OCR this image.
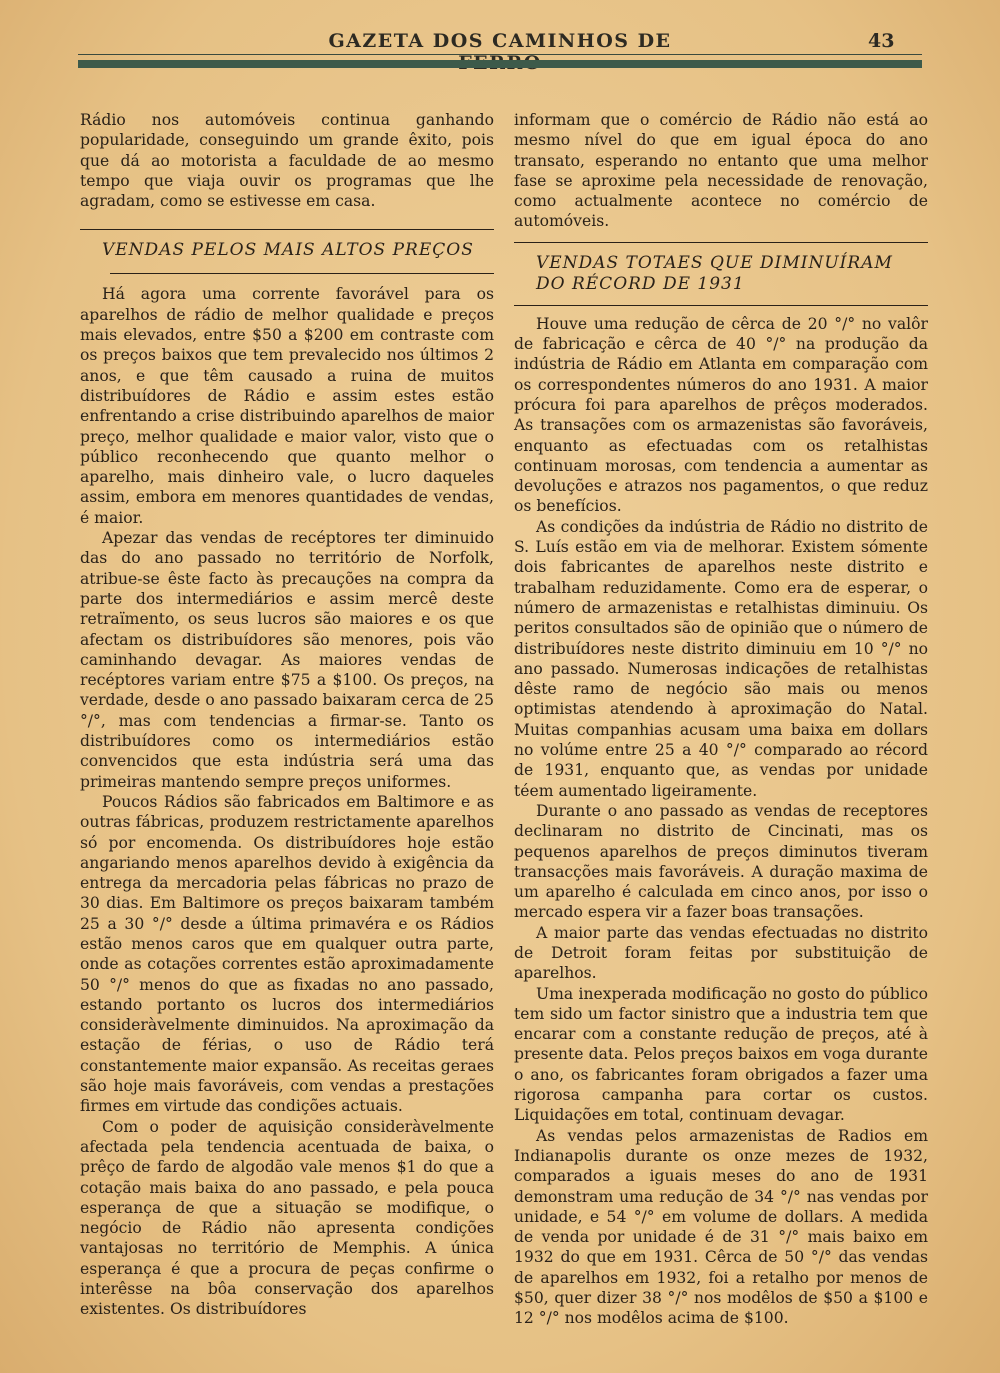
GAZETA DOS CAMINHOS DE	43

Rádio nos automóveis continua ganhando popularidade, conseguindo um grande êxito, pois que dá ao motorista a faculdade de ao mesmo tempo que viaja ouvir os programas que lhe agradam, como se estivesse em casa.

VENDAS PELOS MAIS ALTOS PREÇOS

Há agora uma corrente favorável para os aparelhos de rádio de melhor qualidade e preços mais elevados, entre $50 a $200 em contraste com os preços baixos que tem prevalecido nos últimos 2 anos, e que têm causado a ruina de muitos distribuídores de Rádio e assim estes estão enfrentando a crise distribuindo aparelhos de maior preço, melhor qualidade e maior valor, visto que o público reconhecendo que quanto melhor o aparelho, mais dinheiro vale, o lucro daqueles assim, embora em menores quantidades de vendas, é maior.

Apezar das vendas de recéptores ter diminuido das do ano passado no território de Norfolk, atribue-se êste facto às precauções na compra da parte dos intermediários e assim mercê deste retraïmento, os seus lucros são maiores e os que afectam os distribuídores são menores, pois vão caminhando devagar. As maiores vendas de recéptores variam entre $75 a $100. Os preços, na verdade, desde o ano passado baixaram cerca de 25 °/°, mas com tendencias a firmar-se. Tanto os distribuídores como os intermediários estão convencidos que esta indústria será uma das primeiras mantendo sempre preços uniformes.

Poucos Rádios são fabricados em Baltimore e as outras fábricas, produzem restrictamente aparelhos só por encomenda. Os distribuídores hoje estão angariando menos aparelhos devido à exigência da entrega da mercadoria pelas fábricas no prazo de 30 dias. Em Baltimore os preços baixaram também 25 a 30 °/° desde a última primavéra e os Rádios estão menos caros que em qualquer outra parte, onde as cotações correntes estão aproximadamente 50 °/° menos do que as fixadas no ano passado, estando portanto os lucros dos intermediários consideràvelmente diminuidos. Na aproximação da estação de férias, o uso de Rádio terá constantemente maior expansão. As receitas geraes são hoje mais favoráveis, com vendas a prestações firmes em virtude das condições actuais.

Com o poder de aquisição consideràvelmente afectada pela tendencia acentuada de baixa, o prêço de fardo de algodão vale menos $1 do que a cotação mais baixa do ano passado, e pela pouca esperança de que a situação se modifique, o negócio de Rádio não apresenta condições vantajosas no território de Memphis. A única esperança é que a procura de peças confirme o interêsse na bôa conservação dos aparelhos existentes. Os distribuídores

informam que o comércio de Rádio não está ao mesmo nível do que em igual época do ano transato, esperando no entanto que uma melhor fase se aproxime pela necessidade de renovação, como actualmente acontece no comércio de automóveis.

VENDAS TOTAES QUE DIMINUÍRAM

DO RÉCORD DE 1931

Houve uma redução de cêrca de 20 °/° no valôr de fabricação e cêrca de 40 °/° na produção da indústria de Rádio em Atlanta em comparação com os correspondentes números do ano 1931. A maior prócura foi para aparelhos de prêços moderados. As transações com os armazenistas são favoráveis, enquanto as efectuadas com os retalhistas continuam morosas, com tendencia a aumentar as devoluções e atrazos nos pagamentos, o que reduz os benefícios.

As condições da indústria de Rádio no distrito de S. Luís estão em via de melhorar. Existem sómente dois fabricantes de aparelhos neste distrito e trabalham reduzidamente. Como era de esperar, o número de armazenistas e retalhistas diminuiu. Os peritos consultados são de opinião que o número de distribuídores neste distrito diminuiu em 10 °/° no ano passado. Numerosas indicações de retalhistas dêste ramo de negócio são mais ou menos optimistas atendendo à aproximação do Natal. Muitas companhias acusam uma baixa em dollars no volúme entre 25 a 40 °/° comparado ao récord de 1931, enquanto que, as vendas por unidade téem aumentado ligeiramente.

Durante o ano passado as vendas de receptores declinaram no distrito de Cincinati, mas os pequenos aparelhos de preços diminutos tiveram transacções mais favoráveis. A duração maxima de um aparelho é calculada em cinco anos, por isso o mercado espera vir a fazer boas transações.

A maior parte das vendas efectuadas no distrito de Detroit foram feitas por substituição de aparelhos.

Uma inexperada modificação no gosto do público tem sido um factor sinistro que a industria tem que encarar com a constante redução de preços, até à presente data. Pelos preços baixos em voga durante o ano, os fabricantes foram obrigados a fazer uma rigorosa campanha para cortar os custos. Liquidações em total, continuam devagar.

As vendas pelos armazenistas de Radios em Indianapolis durante os onze mezes de 1932, comparados a iguais meses do ano de 1931 demonstram uma redução de 34 °/° nas vendas por unidade, e 54 °/° em volume de dollars. A medida de venda por unidade é de 31 °/° mais baixo em 1932 do que em 1931. Cêrca de 50 °/° das vendas de aparelhos em 1932, foi a retalho por menos de $50, quer dizer 38 °/° nos modêlos de $50 a $100 e 12 °/° nos modêlos acima de $100.
